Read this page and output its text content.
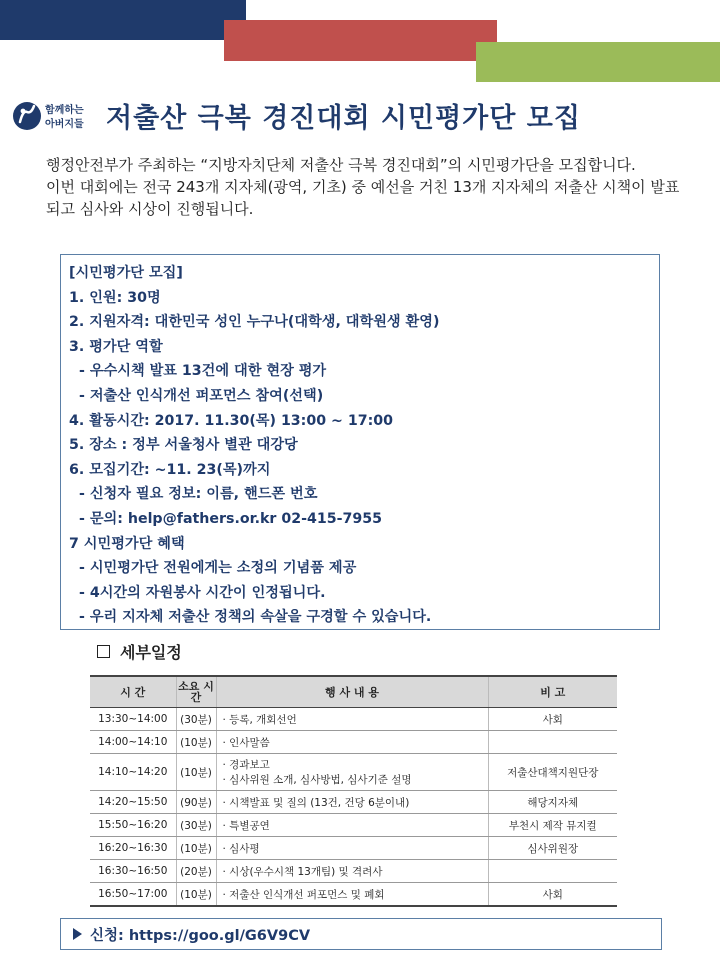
함께하는
아버지들 저출산 극복 경진대회 시민평가단 모집

행정안전부가 주최하는 “지방자치단체 저출산 극복 경진대회”의 시민평가단을 모집합니다.

이번 대회에는 전국 243개 지자체(광역, 기초) 중 예선을 거친 13개 지자체의 저출산 시책이 발표되고 심사와 시상이 진행됩니다.

[시민평가단 모집]
1. 인원: 30명
2. 지원자격: 대한민국 성인 누구나(대학생, 대학원생 환영)
3. 평가단 역할
- 우수시책 발표 13건에 대한 현장 평가
- 저출산 인식개선 퍼포먼스 참여(선택)
4. 활동시간: 2017. 11.30(목) 13:00 ~ 17:00
5. 장소 : 정부 서울청사 별관 대강당
6. 모집기간: ~11. 23(목)까지
- 신청자 필요 정보: 이름, 핸드폰 번호
- 문의: help@fathers.or.kr 02-415-7955
7 시민평가단 혜택
- 시민평가단 전원에게는 소정의 기념품 제공
- 4시간의 자원봉사 시간이 인정됩니다.
- 우리 지자체 저출산 정책의 속살을 구경할 수 있습니다.
세부일정
시 간	소요 시간	행 사 내 용	비 고
13:30~14:00	(30분)	· 등록, 개회선언	사회
14:00~14:10	(10분)	· 인사말씀	
14:10~14:20	(10분)	· 경과보고
· 심사위원 소개, 심사방법, 심사기준 설명	저출산대책지원단장
14:20~15:50	(90분)	· 시책발표 및 질의 (13건, 건당 6분이내)	해당지자체
15:50~16:20	(30분)	· 특별공연	부천시 제작 뮤지컬
16:20~16:30	(10분)	· 심사평	심사위원장
16:30~16:50	(20분)	· 시상(우수시책 13개팀) 및 격려사	
16:50~17:00	(10분)	· 저출산 인식개선 퍼포먼스 및 폐회	사회
신청: https://goo.gl/G6V9CV
